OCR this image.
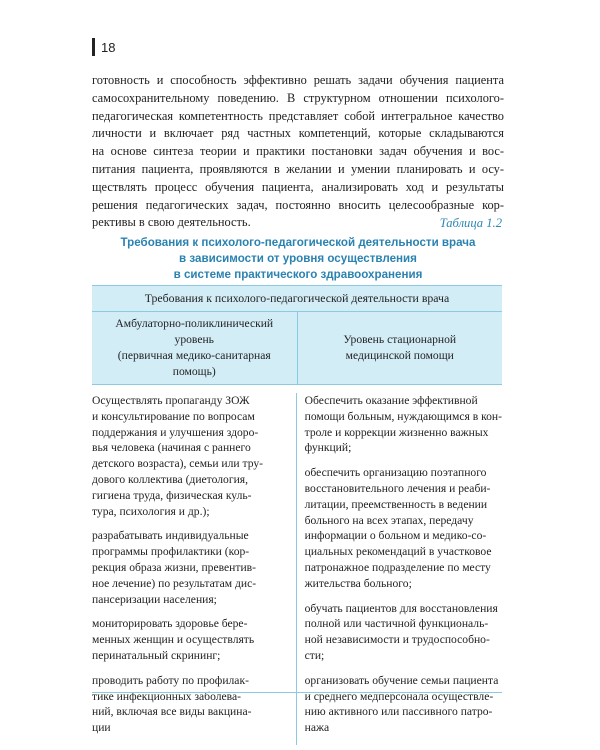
18
готовность и способность эффективно решать задачи обучения пациента
самосохранительному поведению. В структурном отношении психолого-
педагогическая компетентность представляет собой интегральное качество
личности и включает ряд частных компетенций, которые складываются
на основе синтеза теории и практики постановки задач обучения и вос-
питания пациента, проявляются в желании и умении планировать и осу-
ществлять процесс обучения пациента, анализировать ход и результаты
решения педагогических задач, постоянно вносить целесообразные кор-
рективы в свою деятельность.	Таблица 1.2
Требования к психолого-педагогической деятельности врача
в зависимости от уровня осуществления
в системе практического здравоохранения
Требования к психолого-педагогической деятельности врача
Амбулаторно-поликлинический
уровень
(первичная медико-санитарная
помощь)
Уровень стационарной
медицинской помощи
Осуществлять пропаганду ЗОЖ
и консультирование по вопросам
поддержания и улучшения здоро-
вья человека (начиная с раннего
детского возраста), семьи или тру-
дового коллектива (диетология,
гигиена труда, физическая куль-
тура, психология и др.);
разрабатывать индивидуальные
программы профилактики (кор-
рекция образа жизни, превентив-
ное лечение) по результатам дис-
пансеризации населения;
мониторировать здоровье бере-
менных женщин и осуществлять
перинатальный скрининг;
проводить работу по профилак-
тике инфекционных заболева-
ний, включая все виды вакцина-
ции
Обеспечить оказание эффективной
помощи больным, нуждающимся в кон-
троле и коррекции жизненно важных
функций;
обеспечить организацию поэтапного
восстановительного лечения и реаби-
литации, преемственность в ведении
больного на всех этапах, передачу
информации о больном и медико-со-
циальных рекомендаций в участковое
патронажное подразделение по месту
жительства больного;
обучать пациентов для восстановления
полной или частичной функциональ-
ной независимости и трудоспособно-
сти;
организовать обучение семьи пациента
и среднего медперсонала осуществле-
нию активного или пассивного патро-
нажа
